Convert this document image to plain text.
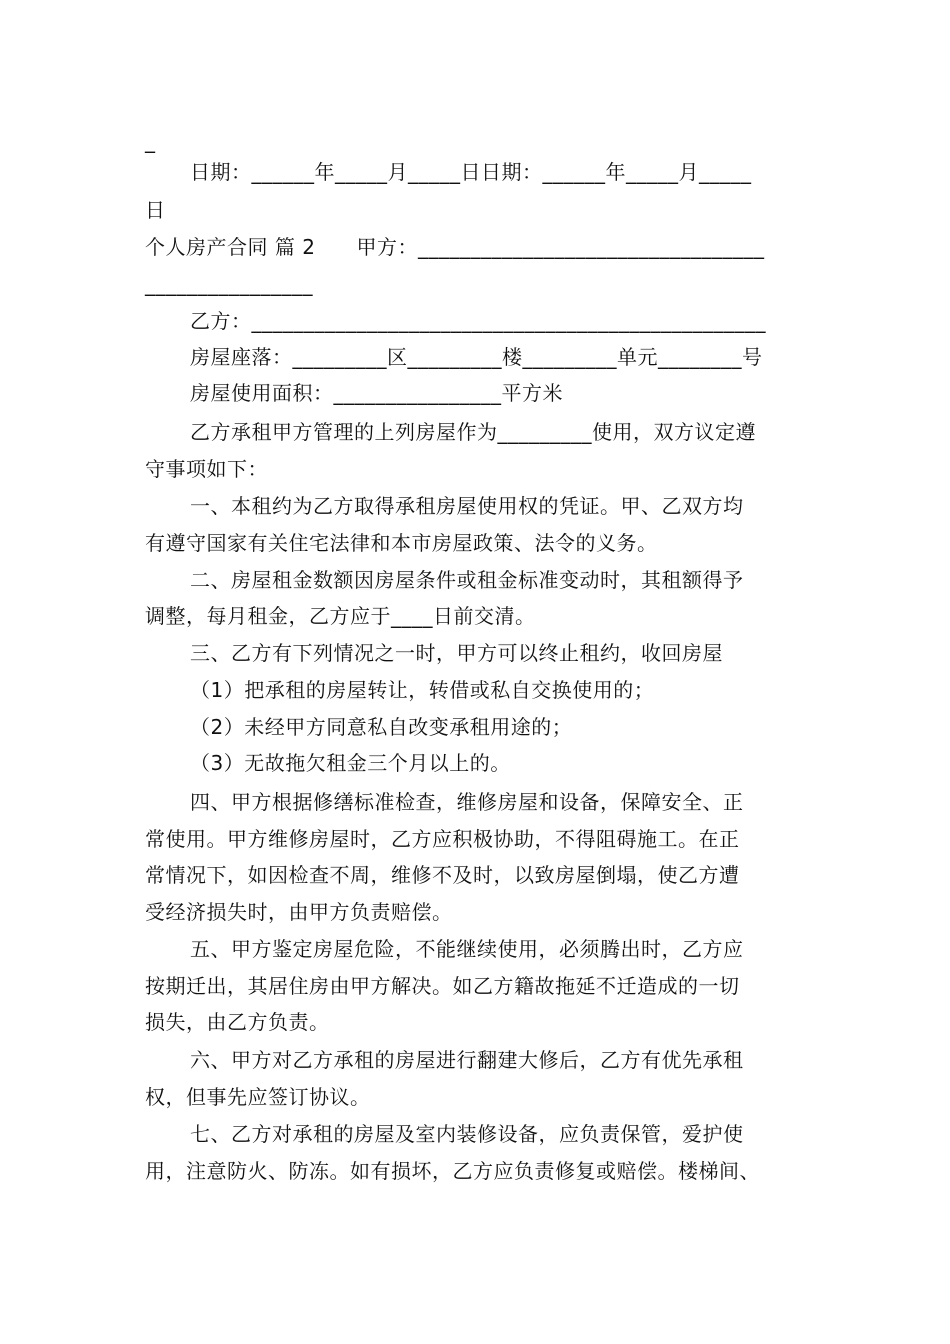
_
日期：______年_____月_____日日期：______年_____月_____
日
个人房产合同 篇 2　　甲方：_________________________________
________________
乙方：_________________________________________________
房屋座落：_________区_________楼_________单元________号
房屋使用面积：________________平方米
乙方承租甲方管理的上列房屋作为_________使用，双方议定遵
守事项如下：
一、本租约为乙方取得承租房屋使用权的凭证。甲、乙双方均
有遵守国家有关住宅法律和本市房屋政策、法令的义务。
二、房屋租金数额因房屋条件或租金标准变动时，其租额得予
调整，每月租金，乙方应于____日前交清。
三、乙方有下列情况之一时，甲方可以终止租约，收回房屋
（1）把承租的房屋转让，转借或私自交换使用的；
（2）未经甲方同意私自改变承租用途的；
（3）无故拖欠租金三个月以上的。
四、甲方根据修缮标准检查，维修房屋和设备，保障安全、正
常使用。甲方维修房屋时，乙方应积极协助，不得阻碍施工。在正
常情况下，如因检查不周，维修不及时，以致房屋倒塌，使乙方遭
受经济损失时，由甲方负责赔偿。
五、甲方鉴定房屋危险，不能继续使用，必须腾出时，乙方应
按期迁出，其居住房由甲方解决。如乙方籍故拖延不迁造成的一切
损失，由乙方负责。
六、甲方对乙方承租的房屋进行翻建大修后，乙方有优先承租
权，但事先应签订协议。
七、乙方对承租的房屋及室内装修设备，应负责保管，爱护使
用，注意防火、防冻。如有损坏，乙方应负责修复或赔偿。楼梯间、
